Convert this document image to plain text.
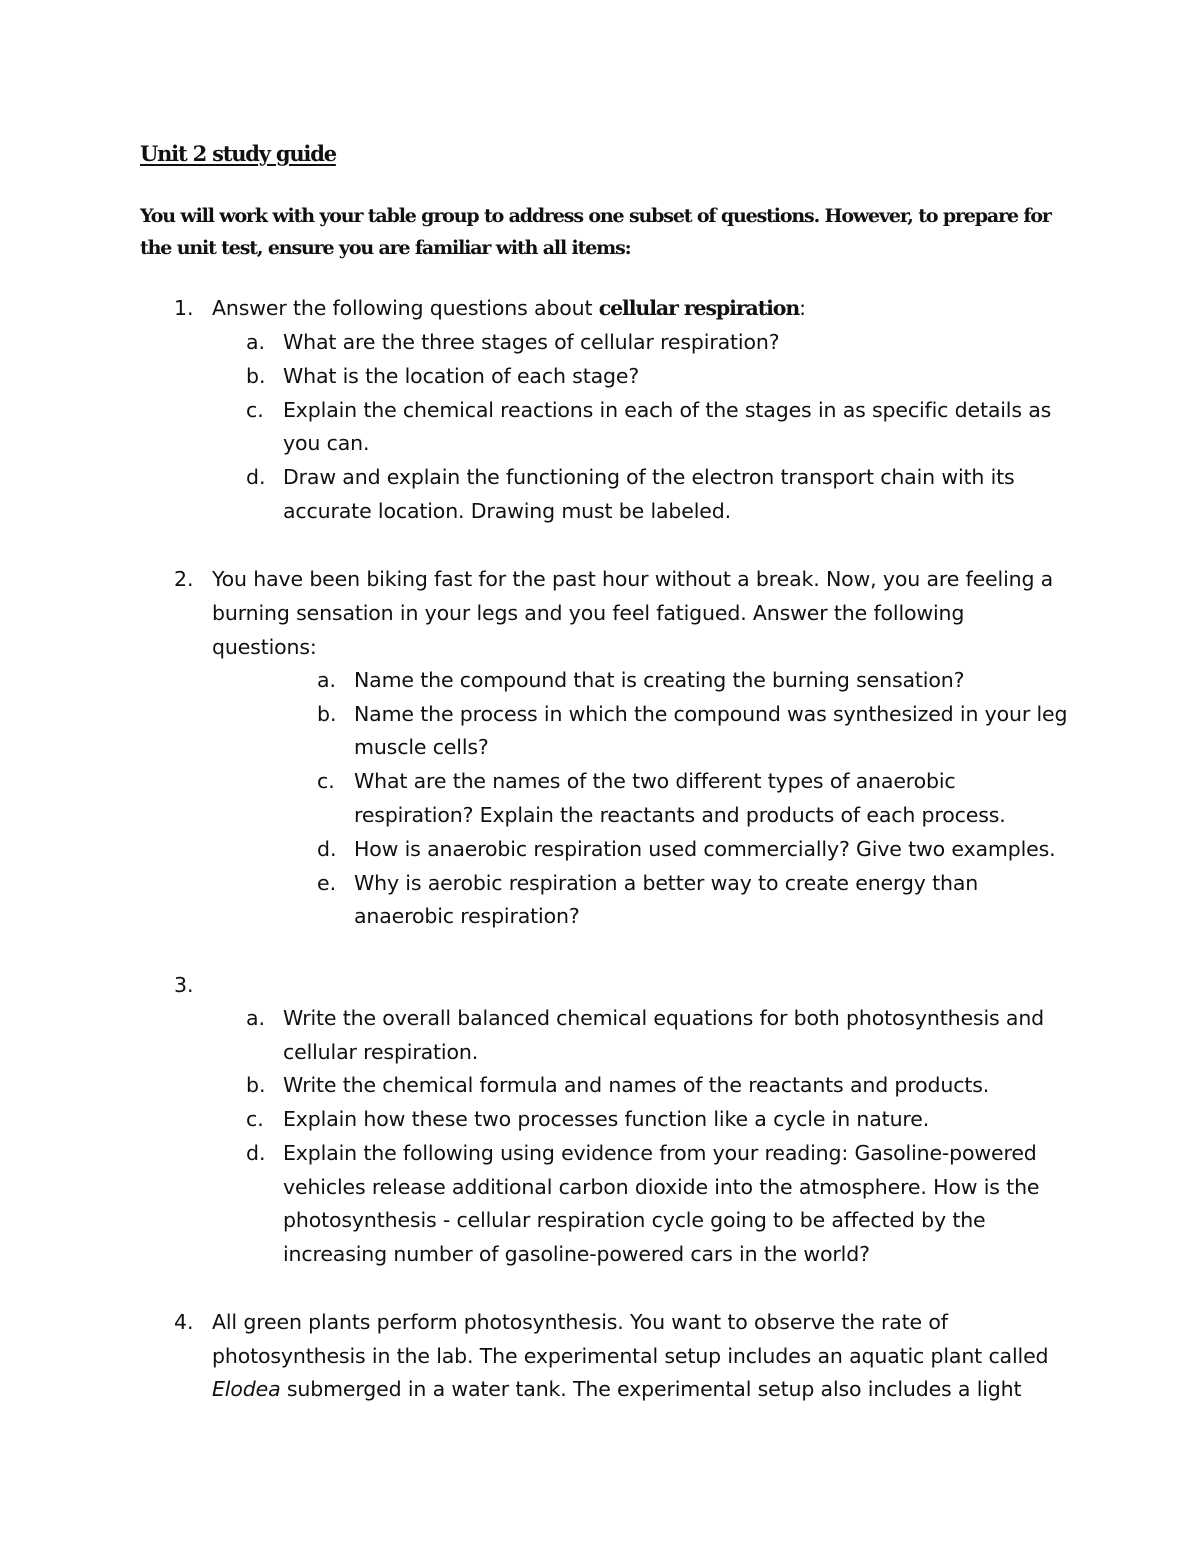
Unit 2 study guide
You will work with your table group to address one subset of questions. However, to prepare for the unit test, ensure you are familiar with all items:
1. Answer the following questions about cellular respiration:
a. What are the three stages of cellular respiration?
b. What is the location of each stage?
c. Explain the chemical reactions in each of the stages in as specific details as
you can.
d. Draw and explain the functioning of the electron transport chain with its
accurate location. Drawing must be labeled.
2. You have been biking fast for the past hour without a break. Now, you are feeling a
burning sensation in your legs and you feel fatigued. Answer the following
questions:
a. Name the compound that is creating the burning sensation?
b. Name the process in which the compound was synthesized in your leg
muscle cells?
c. What are the names of the two different types of anaerobic
respiration? Explain the reactants and products of each process.
d. How is anaerobic respiration used commercially? Give two examples.
e. Why is aerobic respiration a better way to create energy than
anaerobic respiration?
3.
a. Write the overall balanced chemical equations for both photosynthesis and
cellular respiration.
b. Write the chemical formula and names of the reactants and products.
c. Explain how these two processes function like a cycle in nature.
d. Explain the following using evidence from your reading: Gasoline-powered
vehicles release additional carbon dioxide into the atmosphere. How is the
photosynthesis - cellular respiration cycle going to be affected by the
increasing number of gasoline-powered cars in the world?
4. All green plants perform photosynthesis. You want to observe the rate of
photosynthesis in the lab. The experimental setup includes an aquatic plant called
Elodea submerged in a water tank. The experimental setup also includes a light
